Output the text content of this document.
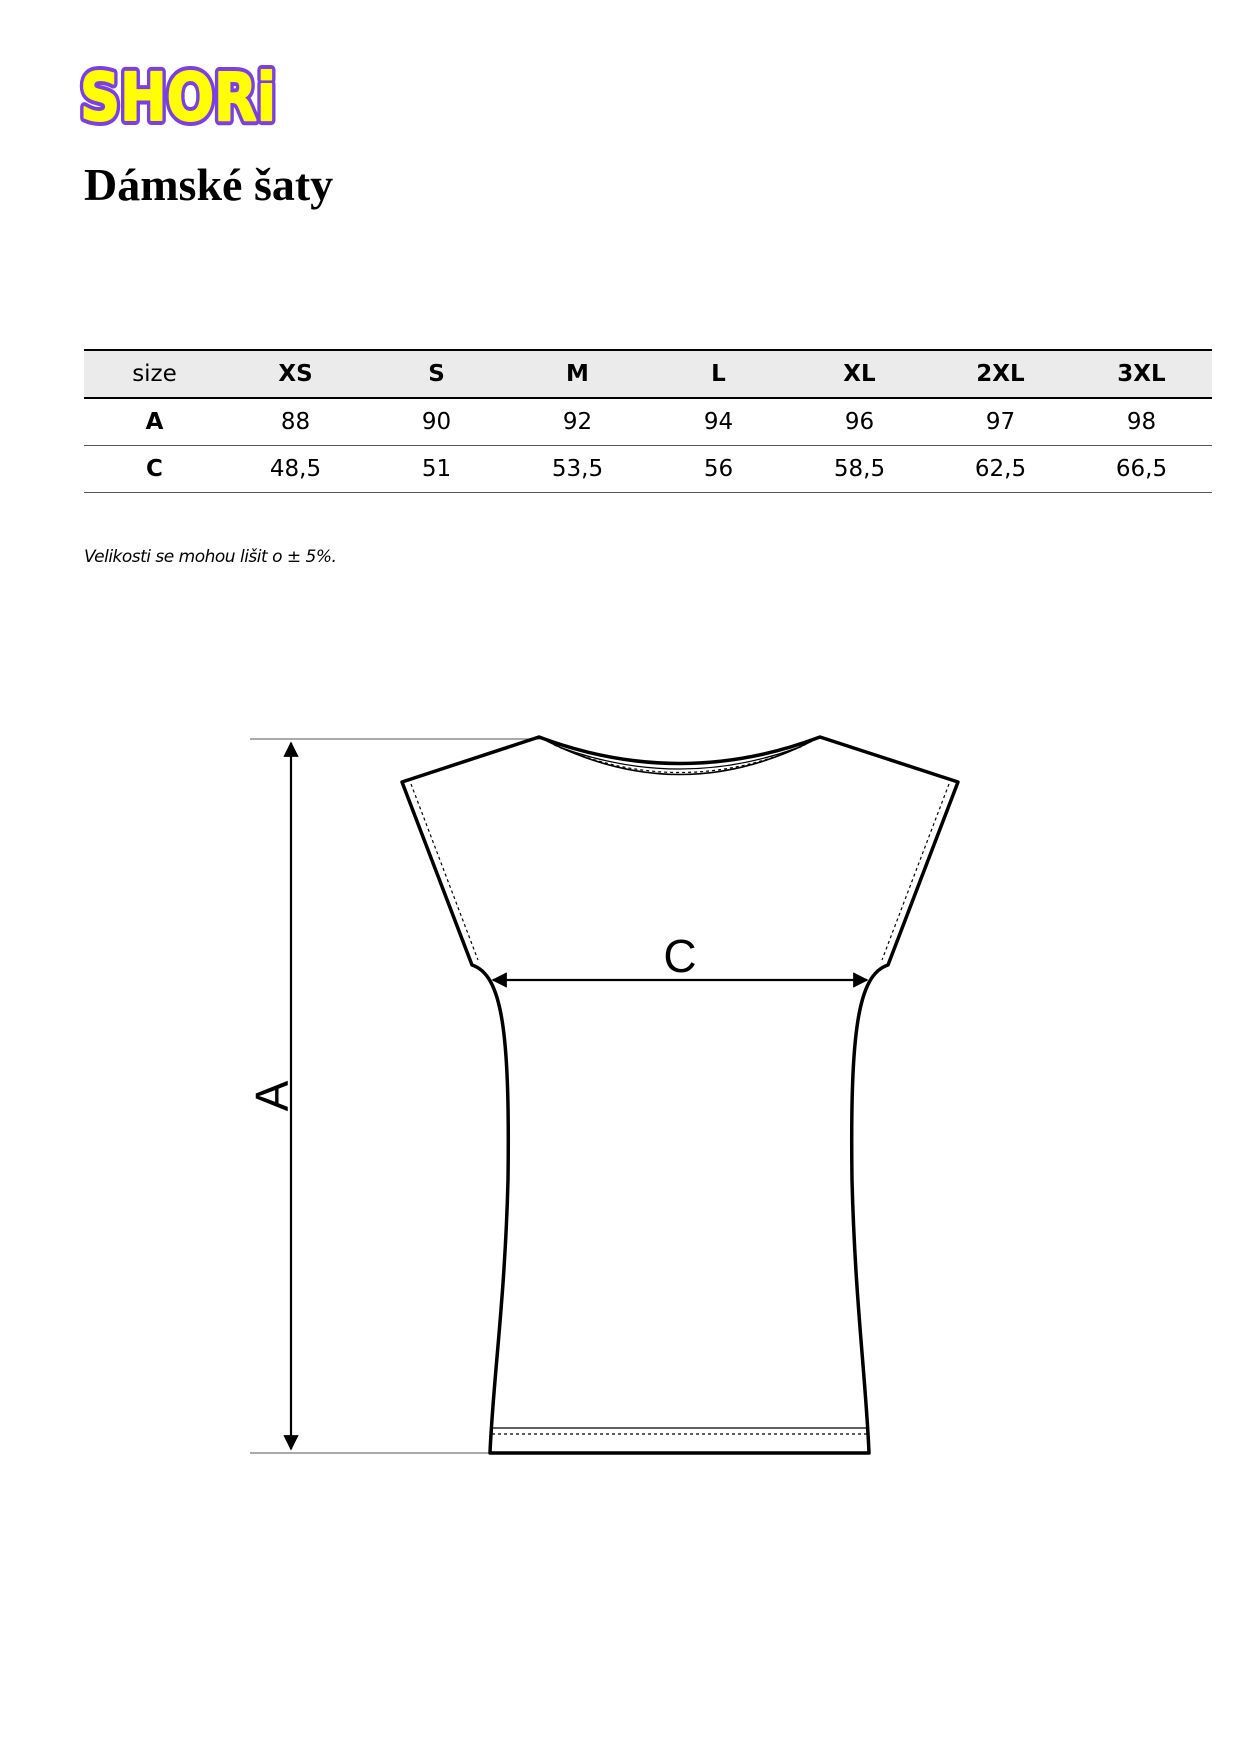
SHORi
SHORi
Dámské šaty
size	XS	S	M	L	XL	2XL	3XL
A	88	90	92	94	96	97	98
C	48,5	51	53,5	56	58,5	62,5	66,5
Velikosti se mohou lišit o ± 5%.
A
C
